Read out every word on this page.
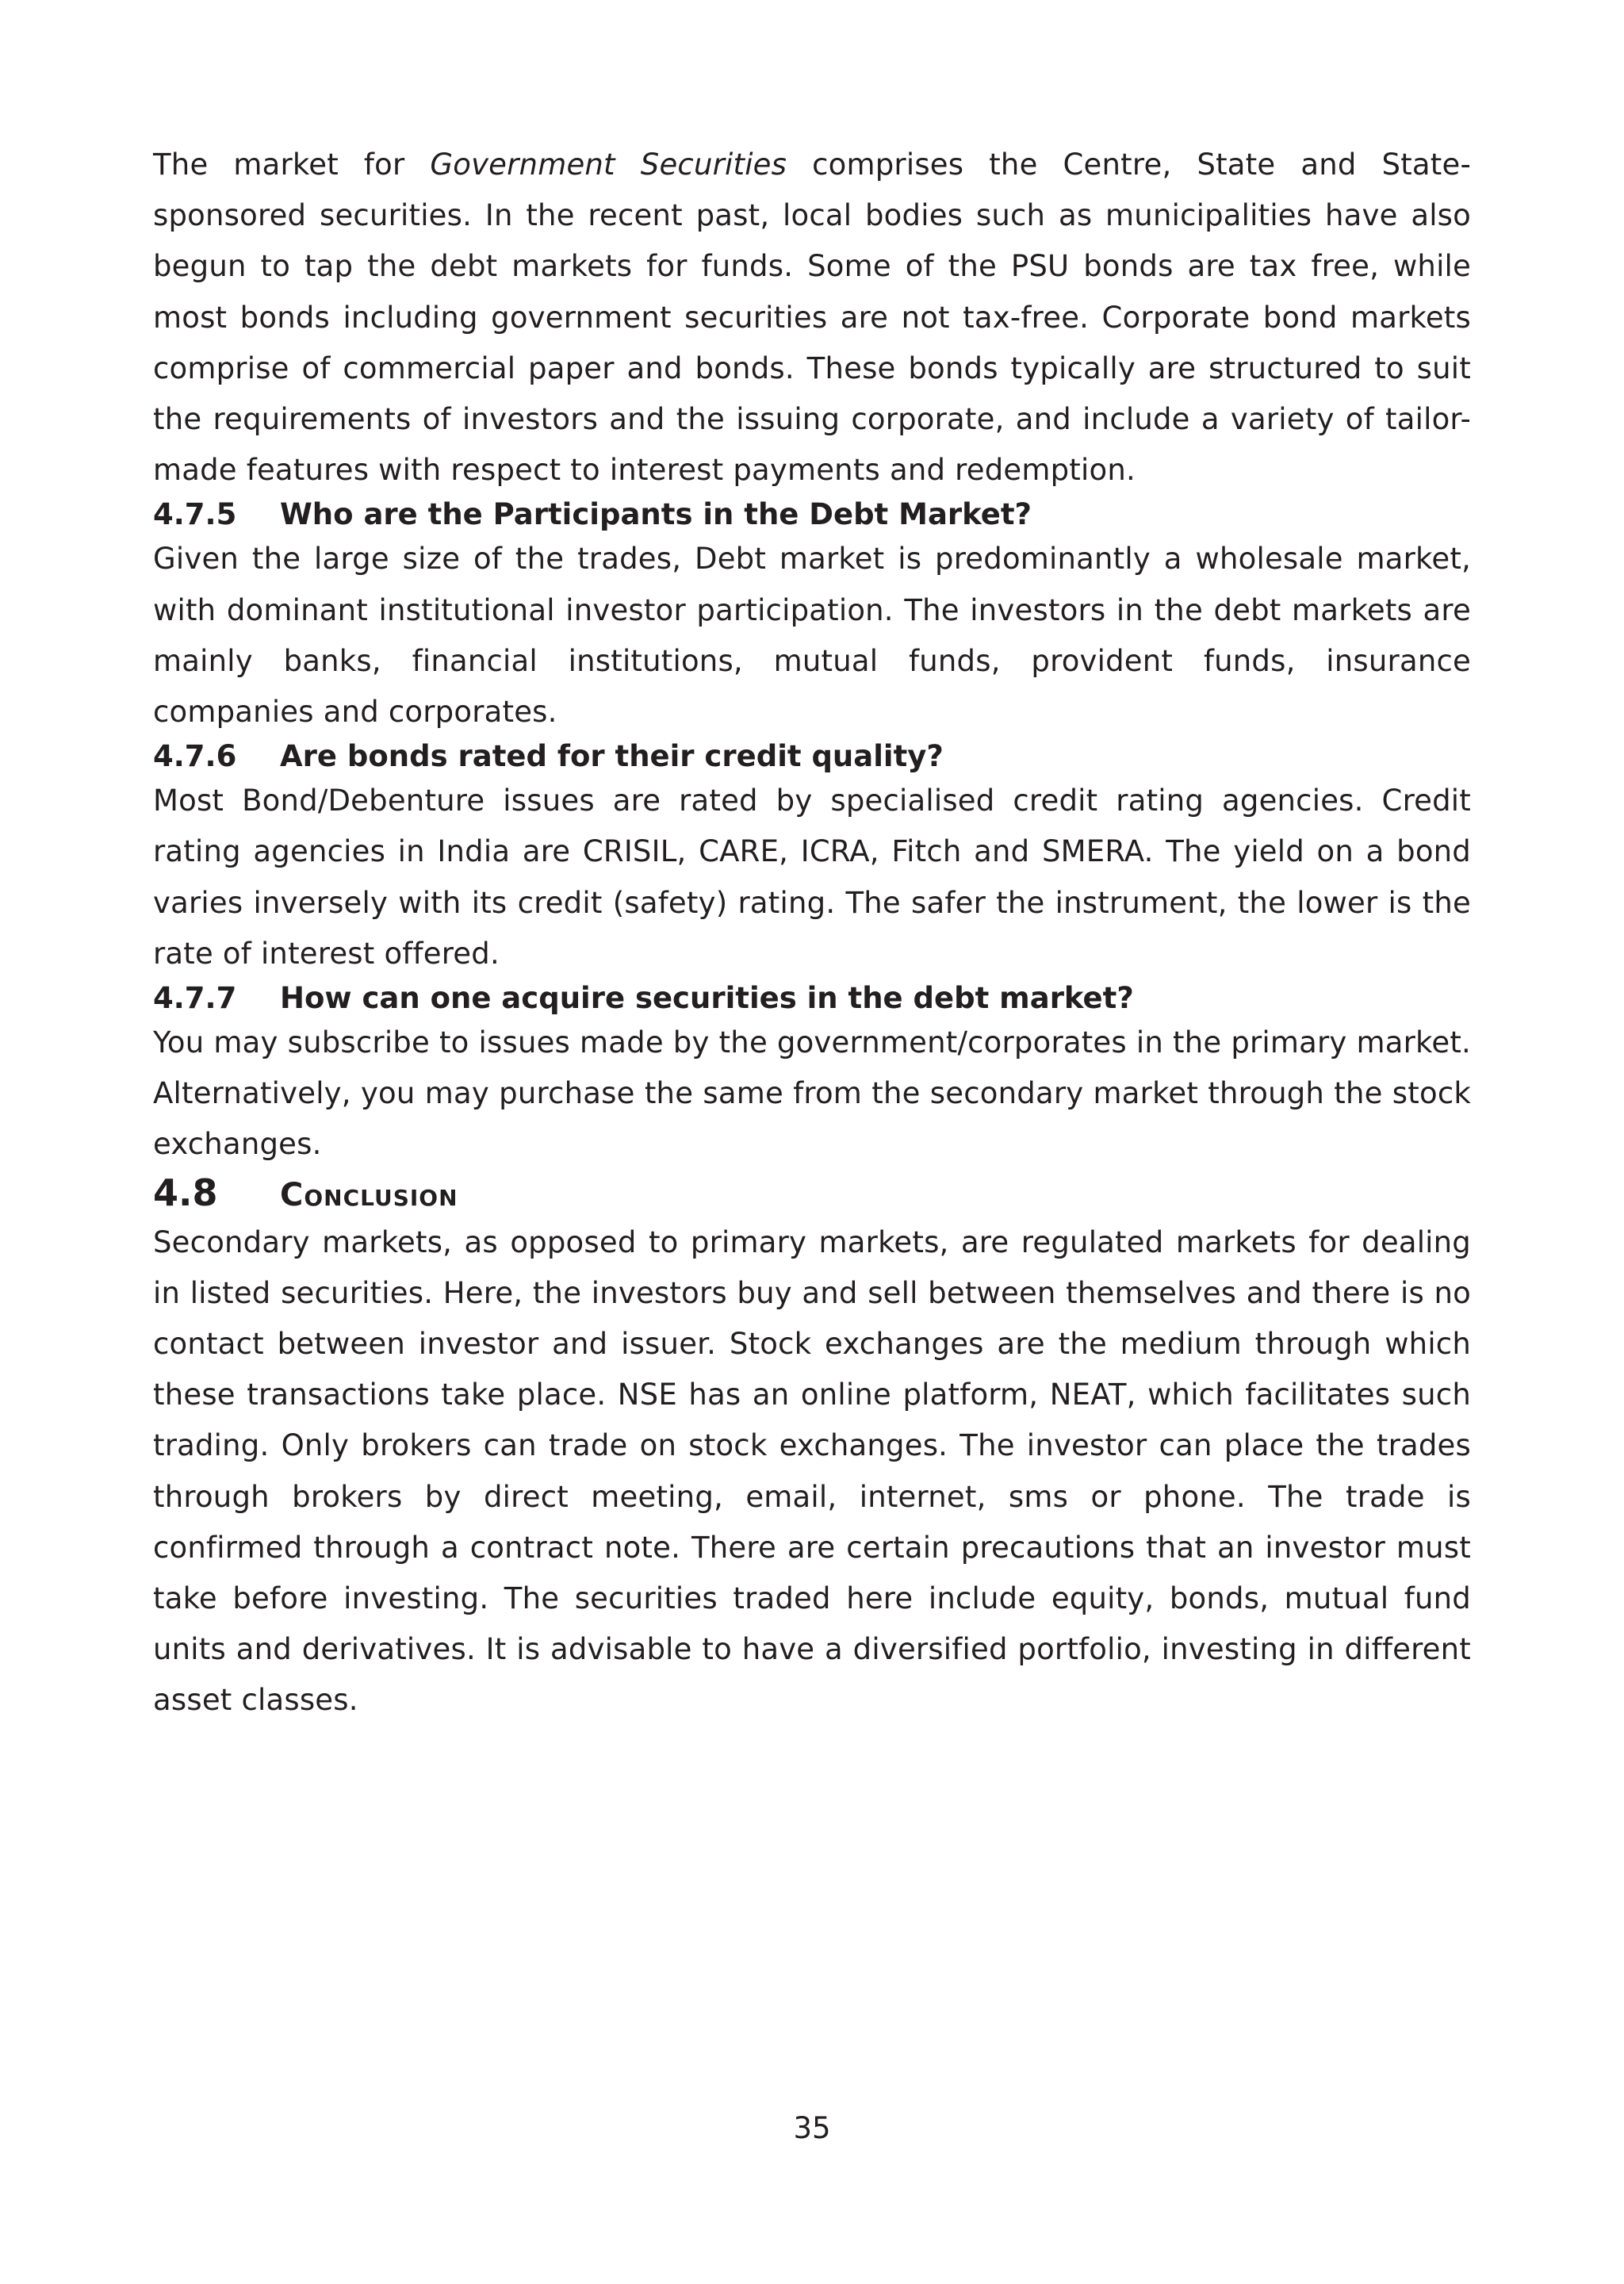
The market for Government Securities comprises the Centre, State and State- sponsored securities. In the recent past, local bodies such as municipalities have also begun to tap the debt markets for funds. Some of the PSU bonds are tax free, while most bonds including government securities are not tax-free. Corporate bond markets comprise of commercial paper and bonds. These bonds typically are structured to suit the requirements of investors and the issuing corporate, and include a variety of tailor-made features with respect to interest payments and redemption.

4.7.5	Who are the Participants in the Debt Market?

Given the large size of the trades, Debt market is predominantly a wholesale market, with dominant institutional investor participation. The investors in the debt markets are mainly banks, financial institutions, mutual funds, provident funds, insurance companies and corporates.

4.7.6	Are bonds rated for their credit quality?

Most Bond/Debenture issues are rated by specialised credit rating agencies. Credit rating agencies in India are CRISIL, CARE, ICRA, Fitch and SMERA. The yield on a bond varies inversely with its credit (safety) rating. The safer the instrument, the lower is the rate of interest offered.

4.7.7	How can one acquire securities in the debt market?

You may subscribe to issues made by the government/corporates in the primary market. Alternatively, you may purchase the same from the secondary market through the stock exchanges.

4.8	Conclusion

Secondary markets, as opposed to primary markets, are regulated markets for dealing in listed securities. Here, the investors buy and sell between themselves and there is no contact between investor and issuer. Stock exchanges are the medium through which these transactions take place. NSE has an online platform, NEAT, which facilitates such trading. Only brokers can trade on stock exchanges. The investor can place the trades through brokers by direct meeting, email, internet, sms or phone. The trade is confirmed through a contract note. There are certain precautions that an investor must take before investing. The securities traded here include equity, bonds, mutual fund units and derivatives. It is advisable to have a diversified portfolio, investing in different asset classes.

35
